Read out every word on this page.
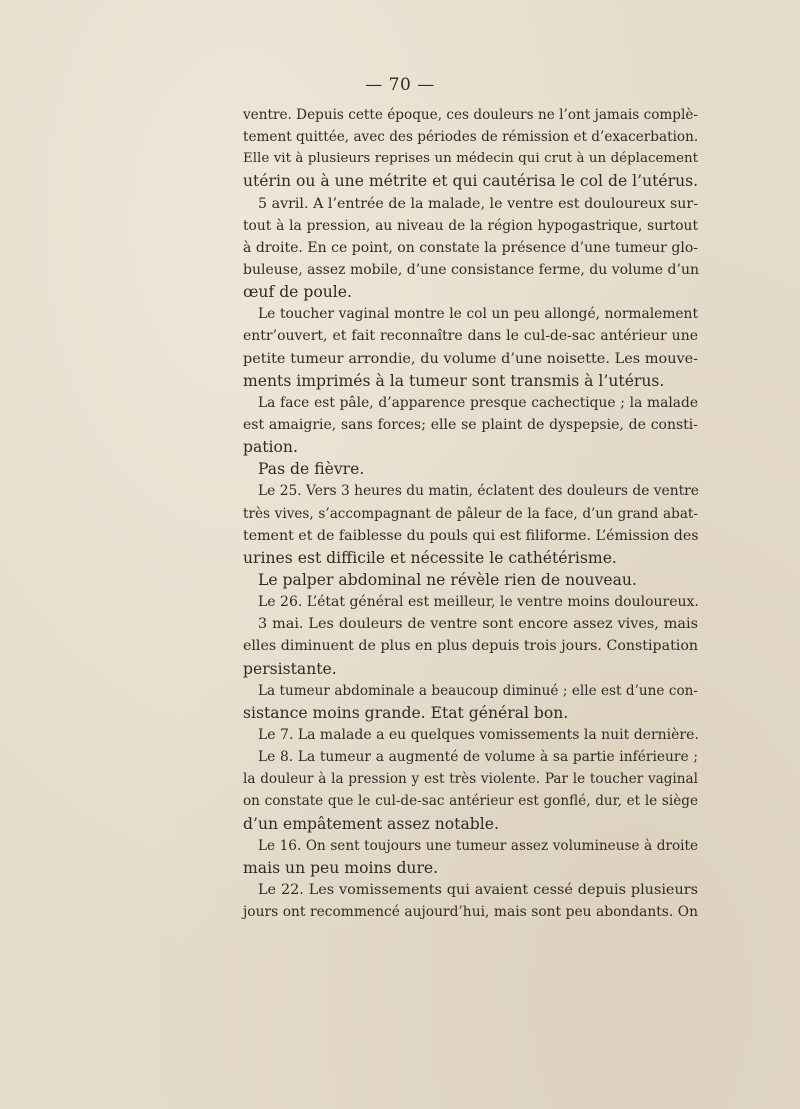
— 70 —
ventre. Depuis cette époque, ces douleurs ne l’ont jamais complè-
tement quittée, avec des périodes de rémission et d’exacerbation.
Elle vit à plusieurs reprises un médecin qui crut à un déplacement
utérin ou à une métrite et qui cautérisa le col de l’utérus.
5 avril. A l’entrée de la malade, le ventre est douloureux sur-
tout à la pression, au niveau de la région hypogastrique, surtout
à droite. En ce point, on constate la présence d’une tumeur glo-
buleuse, assez mobile, d’une consistance ferme, du volume d’un
œuf de poule.
Le toucher vaginal montre le col un peu allongé, normalement
entr’ouvert, et fait reconnaître dans le cul-de-sac antérieur une
petite tumeur arrondie, du volume d’une noisette. Les mouve-
ments imprimés à la tumeur sont transmis à l’utérus.
La face est pâle, d’apparence presque cachectique ; la malade
est amaigrie, sans forces; elle se plaint de dyspepsie, de consti-
pation.
Pas de fièvre.
Le 25. Vers 3 heures du matin, éclatent des douleurs de ventre
très vives, s’accompagnant de pâleur de la face, d’un grand abat-
tement et de faiblesse du pouls qui est filiforme. L’émission des
urines est difficile et nécessite le cathétérisme.
Le palper abdominal ne révèle rien de nouveau.
Le 26. L’état général est meilleur, le ventre moins douloureux.
3 mai. Les douleurs de ventre sont encore assez vives, mais
elles diminuent de plus en plus depuis trois jours. Constipation
persistante.
La tumeur abdominale a beaucoup diminué ; elle est d’une con-
sistance moins grande. Etat général bon.
Le 7. La malade a eu quelques vomissements la nuit dernière.
Le 8. La tumeur a augmenté de volume à sa partie inférieure ;
la douleur à la pression y est très violente. Par le toucher vaginal
on constate que le cul-de-sac antérieur est gonflé, dur, et le siège
d’un empâtement assez notable.
Le 16. On sent toujours une tumeur assez volumineuse à droite
mais un peu moins dure.
Le 22. Les vomissements qui avaient cessé depuis plusieurs
jours ont recommencé aujourd’hui, mais sont peu abondants. On
